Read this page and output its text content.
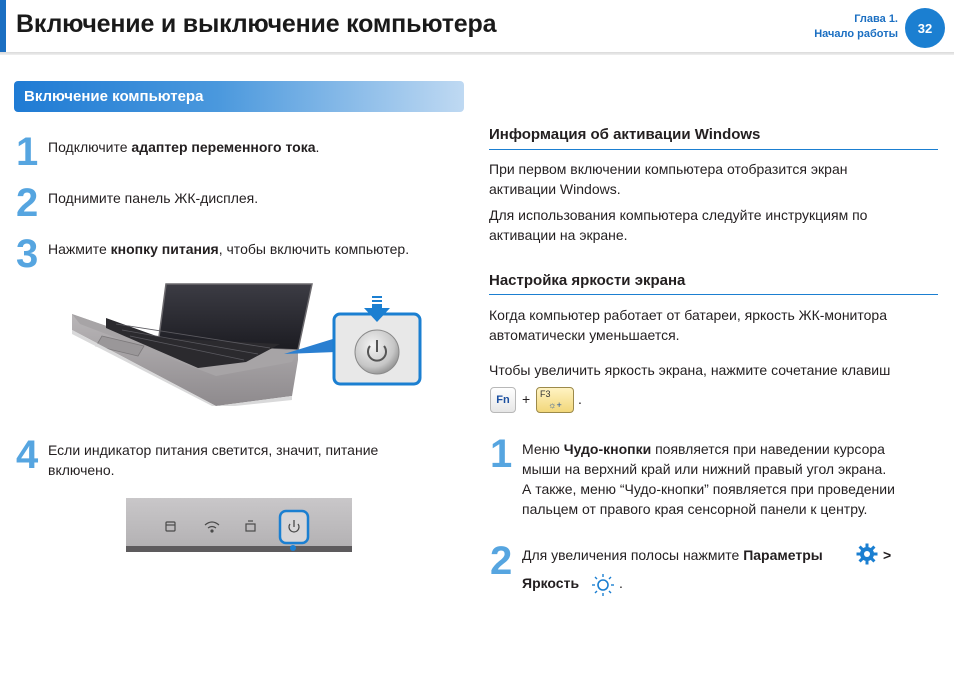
Включение и выключение компьютера	Глава 1.
Начало работы	32
Включение компьютера
1 Подключите адаптер переменного тока.
2 Поднимите панель ЖК-дисплея.
3 Нажмите кнопку питания, чтобы включить компьютер.
4 Если индикатор питания светится, значит, питание
включено.
Информация об активации Windows
При первом включении компьютера отобразится экран
активации Windows.
Для использования компьютера следуйте инструкциям по
активации на экране.
Настройка яркости экрана
Когда компьютер работает от батареи, яркость ЖК-монитора
автоматически уменьшается.
Чтобы увеличить яркость экрана, нажмите сочетание клавиш
Fn + F3
☼+	.
1 Меню Чудо-кнопки появляется при наведении курсора
мыши на верхний край или нижний правый угол экрана.
А также, меню “Чудо-кнопки” появляется при проведении
пальцем от правого края сенсорной панели к центру.
2 Для увеличения полосы нажмите Параметры	>
Яркость	.
